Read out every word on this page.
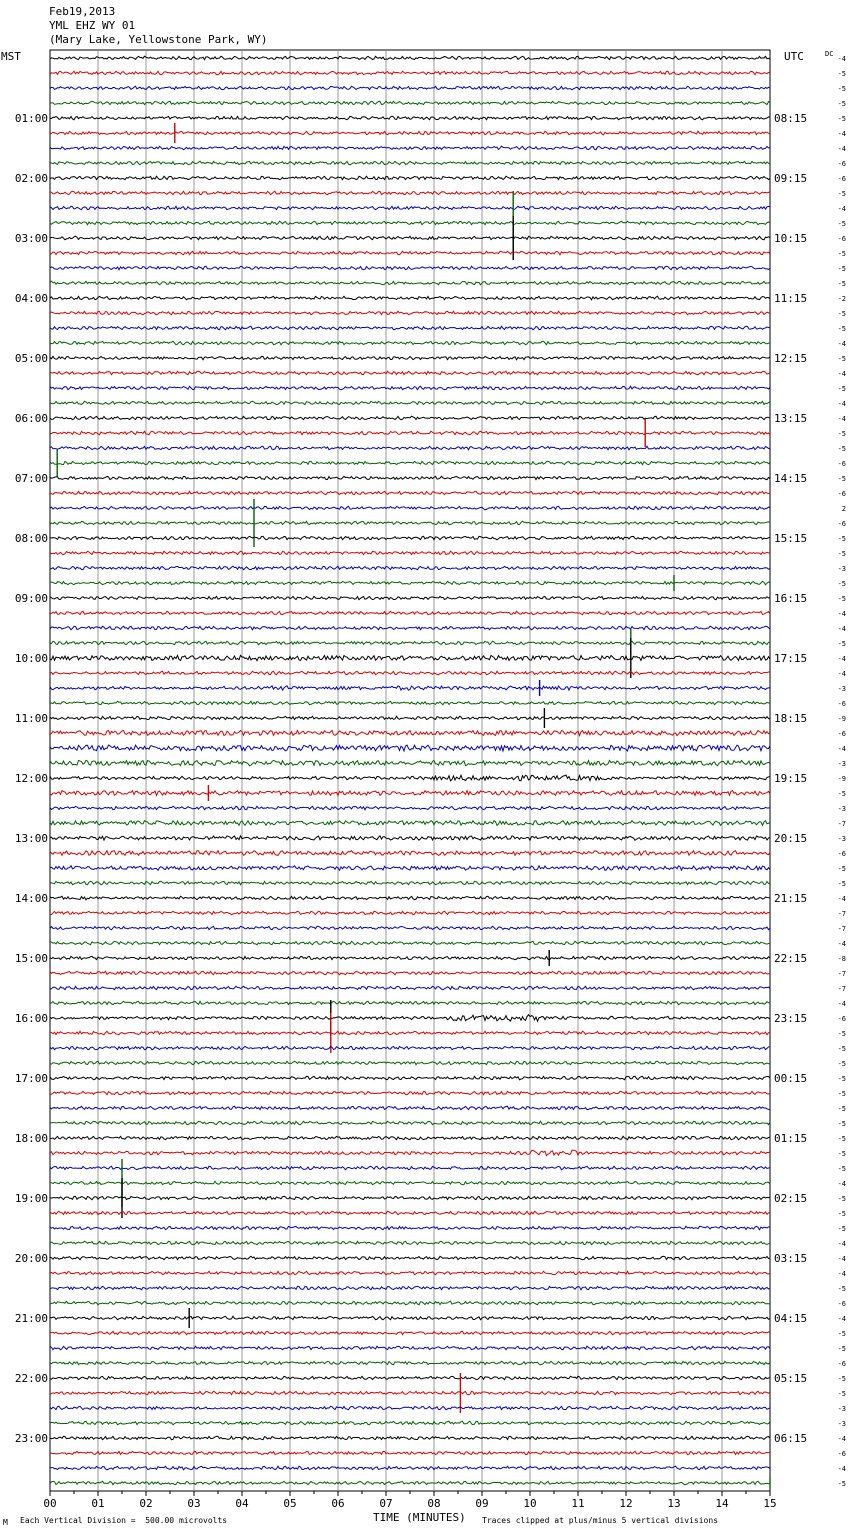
Feb19,2013
YML EHZ WY 01
(Mary Lake, Yellowstone Park, WY)
MST	UTC
00	01	02	03	04	05	06	07	08	09	10	11	12	13	14	15
-4
-5
-5
-5
-5
-4
-4
-6
-6
-5
-4
-5
-6
-5
-5
-5
-2
-5
-5
-4
-5
-4
-5
-4
-4
-5
-5
-6
-5
-6
2
-6
-5
-5
-3
-5
-5
-4
-4
-5
-4
-4
-3
-6
-9
-6
-4
-3
-9
-5
-3
-7
-3
-6
-5
-5
-4
-7
-7
-4
-8
-7
-7
-4
-6
-5
-5
-5
-5
-5
-5
-5
-5
-5
-5
-4
-5
-5
-5
-4
-4
-4
-5
-6
-4
-5
-5
-6
-5
-5
-3
-3
-4
-6
-4
-5
DC
01:00
02:00
03:00
04:00
05:00
06:00
07:00
08:00
09:00
10:00
11:00
12:00
13:00
14:00
15:00
16:00
17:00
18:00
19:00
20:00
21:00
22:00
23:00
08:15
09:15
10:15
11:15
12:15
13:15
14:15
15:15
16:15
17:15
18:15
19:15
20:15
21:15
22:15
23:15
00:15
01:15
02:15
03:15
04:15
05:15
06:15
TIME (MINUTES)
M Each Vertical Division =  500.00 microvolts	Traces clipped at plus/minus 5 vertical divisions
